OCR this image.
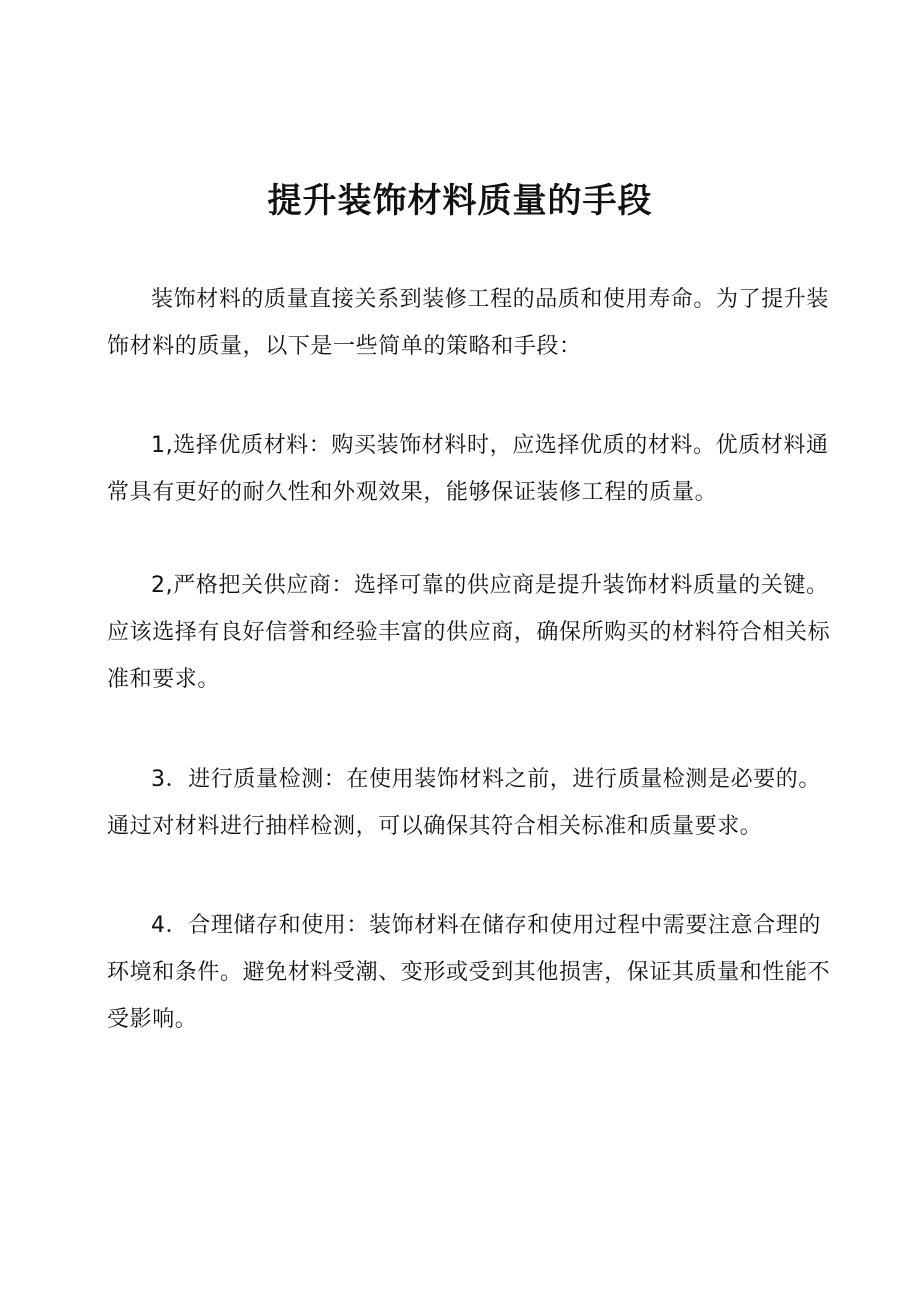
提升装饰材料质量的手段

装饰材料的质量直接关系到装修工程的品质和使用寿命。为了提升装饰材料的质量，以下是一些简单的策略和手段：

1,选择优质材料：购买装饰材料时，应选择优质的材料。优质材料通常具有更好的耐久性和外观效果，能够保证装修工程的质量。

2,严格把关供应商：选择可靠的供应商是提升装饰材料质量的关键。应该选择有良好信誉和经验丰富的供应商，确保所购买的材料符合相关标准和要求。

3．进行质量检测：在使用装饰材料之前，进行质量检测是必要的。通过对材料进行抽样检测，可以确保其符合相关标准和质量要求。

4．合理储存和使用：装饰材料在储存和使用过程中需要注意合理的环境和条件。避免材料受潮、变形或受到其他损害，保证其质量和性能不受影响。
